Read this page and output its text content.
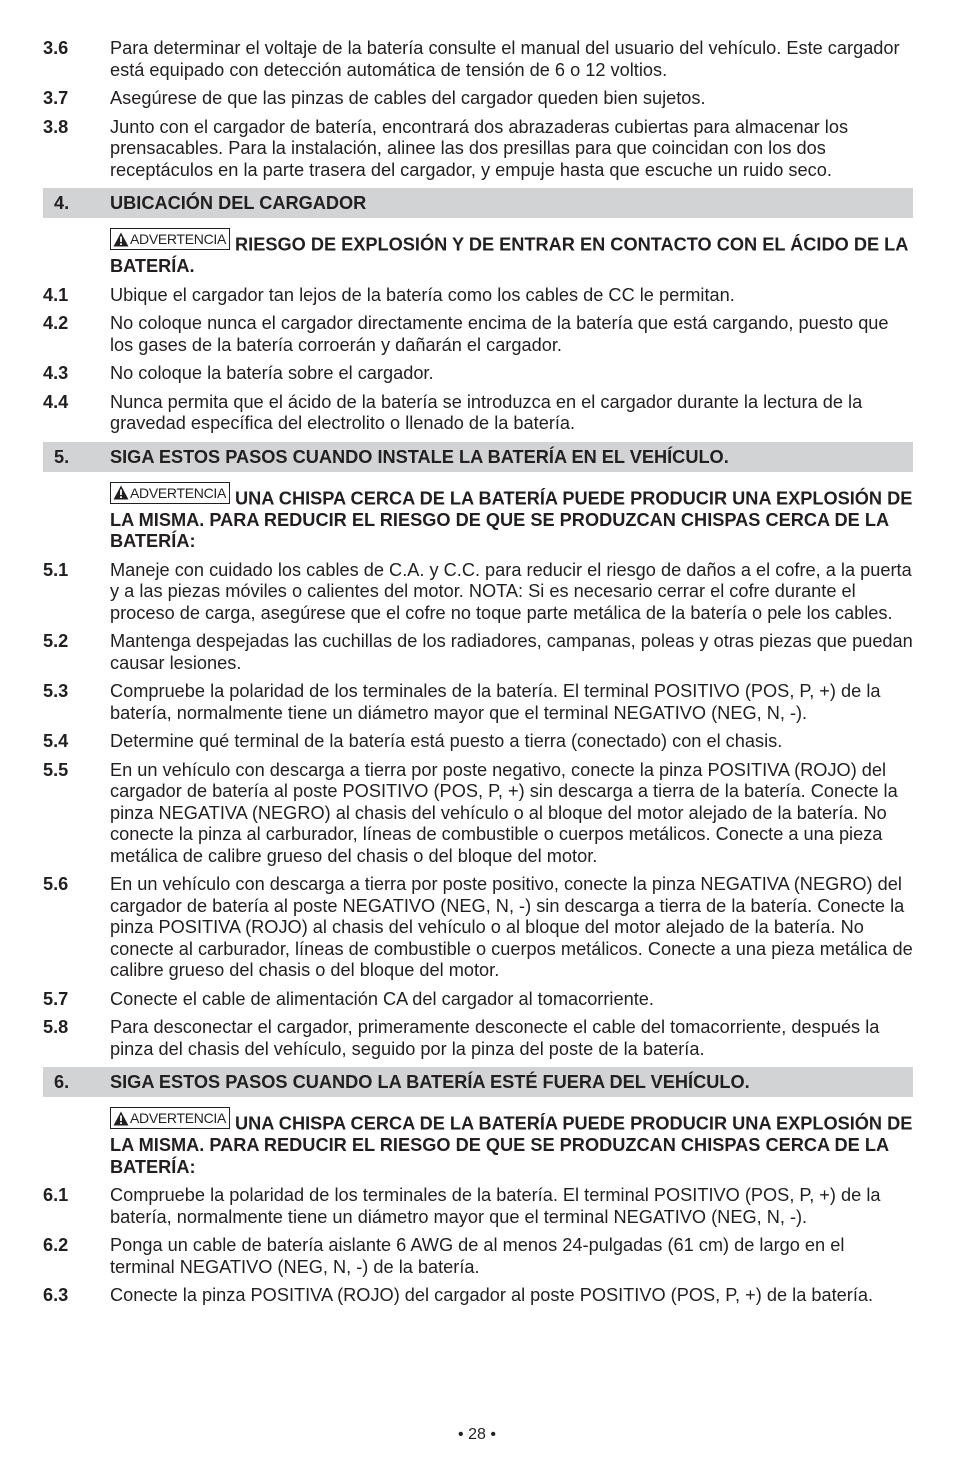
3.6	Para determinar el voltaje de la batería consulte el manual del usuario del vehículo. Este cargador está equipado con detección automática de tensión de 6 o 12 voltios.
3.7	Asegúrese de que las pinzas de cables del cargador queden bien sujetos.
3.8	Junto con el cargador de batería, encontrará dos abrazaderas cubiertas para almacenar los prensacables. Para la instalación, alinee las dos presillas para que coincidan con los dos receptáculos en la parte trasera del cargador, y empuje hasta que escuche un ruido seco.
4.	UBICACIÓN DEL CARGADOR
ADVERTENCIA RIESGO DE EXPLOSIÓN Y DE ENTRAR EN CONTACTO CON EL ÁCIDO DE LA BATERÍA.
4.1	Ubique el cargador tan lejos de la batería como los cables de CC le permitan.
4.2	No coloque nunca el cargador directamente encima de la batería que está cargando, puesto que los gases de la batería corroerán y dañarán el cargador.
4.3	No coloque la batería sobre el cargador.
4.4	Nunca permita que el ácido de la batería se introduzca en el cargador durante la lectura de la gravedad específica del electrolito o llenado de la batería.
5.	SIGA ESTOS PASOS CUANDO INSTALE LA BATERÍA EN EL VEHÍCULO.
ADVERTENCIA UNA CHISPA CERCA DE LA BATERÍA PUEDE PRODUCIR UNA EXPLOSIÓN DE LA MISMA. PARA REDUCIR EL RIESGO DE QUE SE PRODUZCAN CHISPAS CERCA DE LA BATERÍA:
5.1	Maneje con cuidado los cables de C.A. y C.C. para reducir el riesgo de daños a el cofre, a la puerta y a las piezas móviles o calientes del motor. NOTA: Si es necesario cerrar el cofre durante el proceso de carga, asegúrese que el cofre no toque parte metálica de la batería o pele los cables.
5.2	Mantenga despejadas las cuchillas de los radiadores, campanas, poleas y otras piezas que puedan causar lesiones.
5.3	Compruebe la polaridad de los terminales de la batería. El terminal POSITIVO (POS, P, +) de la batería, normalmente tiene un diámetro mayor que el terminal NEGATIVO (NEG, N, -).
5.4	Determine qué terminal de la batería está puesto a tierra (conectado) con el chasis.
5.5	En un vehículo con descarga a tierra por poste negativo, conecte la pinza POSITIVA (ROJO) del cargador de batería al poste POSITIVO (POS, P, +) sin descarga a tierra de la batería. Conecte la pinza NEGATIVA (NEGRO) al chasis del vehículo o al bloque del motor alejado de la batería. No conecte la pinza al carburador, líneas de combustible o cuerpos metálicos. Conecte a una pieza metálica de calibre grueso del chasis o del bloque del motor.
5.6	En un vehículo con descarga a tierra por poste positivo, conecte la pinza NEGATIVA (NEGRO) del cargador de batería al poste NEGATIVO (NEG, N, -) sin descarga a tierra de la batería. Conecte la pinza POSITIVA (ROJO) al chasis del vehículo o al bloque del motor alejado de la batería. No conecte al carburador, líneas de combustible o cuerpos metálicos. Conecte a una pieza metálica de calibre grueso del chasis o del bloque del motor.
5.7	Conecte el cable de alimentación CA del cargador al tomacorriente.
5.8	Para desconectar el cargador, primeramente desconecte el cable del tomacorriente, después la pinza del chasis del vehículo, seguido por la pinza del poste de la batería.
6.	SIGA ESTOS PASOS CUANDO LA BATERÍA ESTÉ FUERA DEL VEHÍCULO.
ADVERTENCIA UNA CHISPA CERCA DE LA BATERÍA PUEDE PRODUCIR UNA EXPLOSIÓN DE LA MISMA. PARA REDUCIR EL RIESGO DE QUE SE PRODUZCAN CHISPAS CERCA DE LA BATERÍA:
6.1	Compruebe la polaridad de los terminales de la batería. El terminal POSITIVO (POS, P, +) de la batería, normalmente tiene un diámetro mayor que el terminal NEGATIVO (NEG, N, -).
6.2	Ponga un cable de batería aislante 6 AWG de al menos 24-pulgadas (61 cm) de largo en el terminal NEGATIVO (NEG, N, -) de la batería.
6.3	Conecte la pinza POSITIVA (ROJO) del cargador al poste POSITIVO (POS, P, +) de la batería.
• 28 •
